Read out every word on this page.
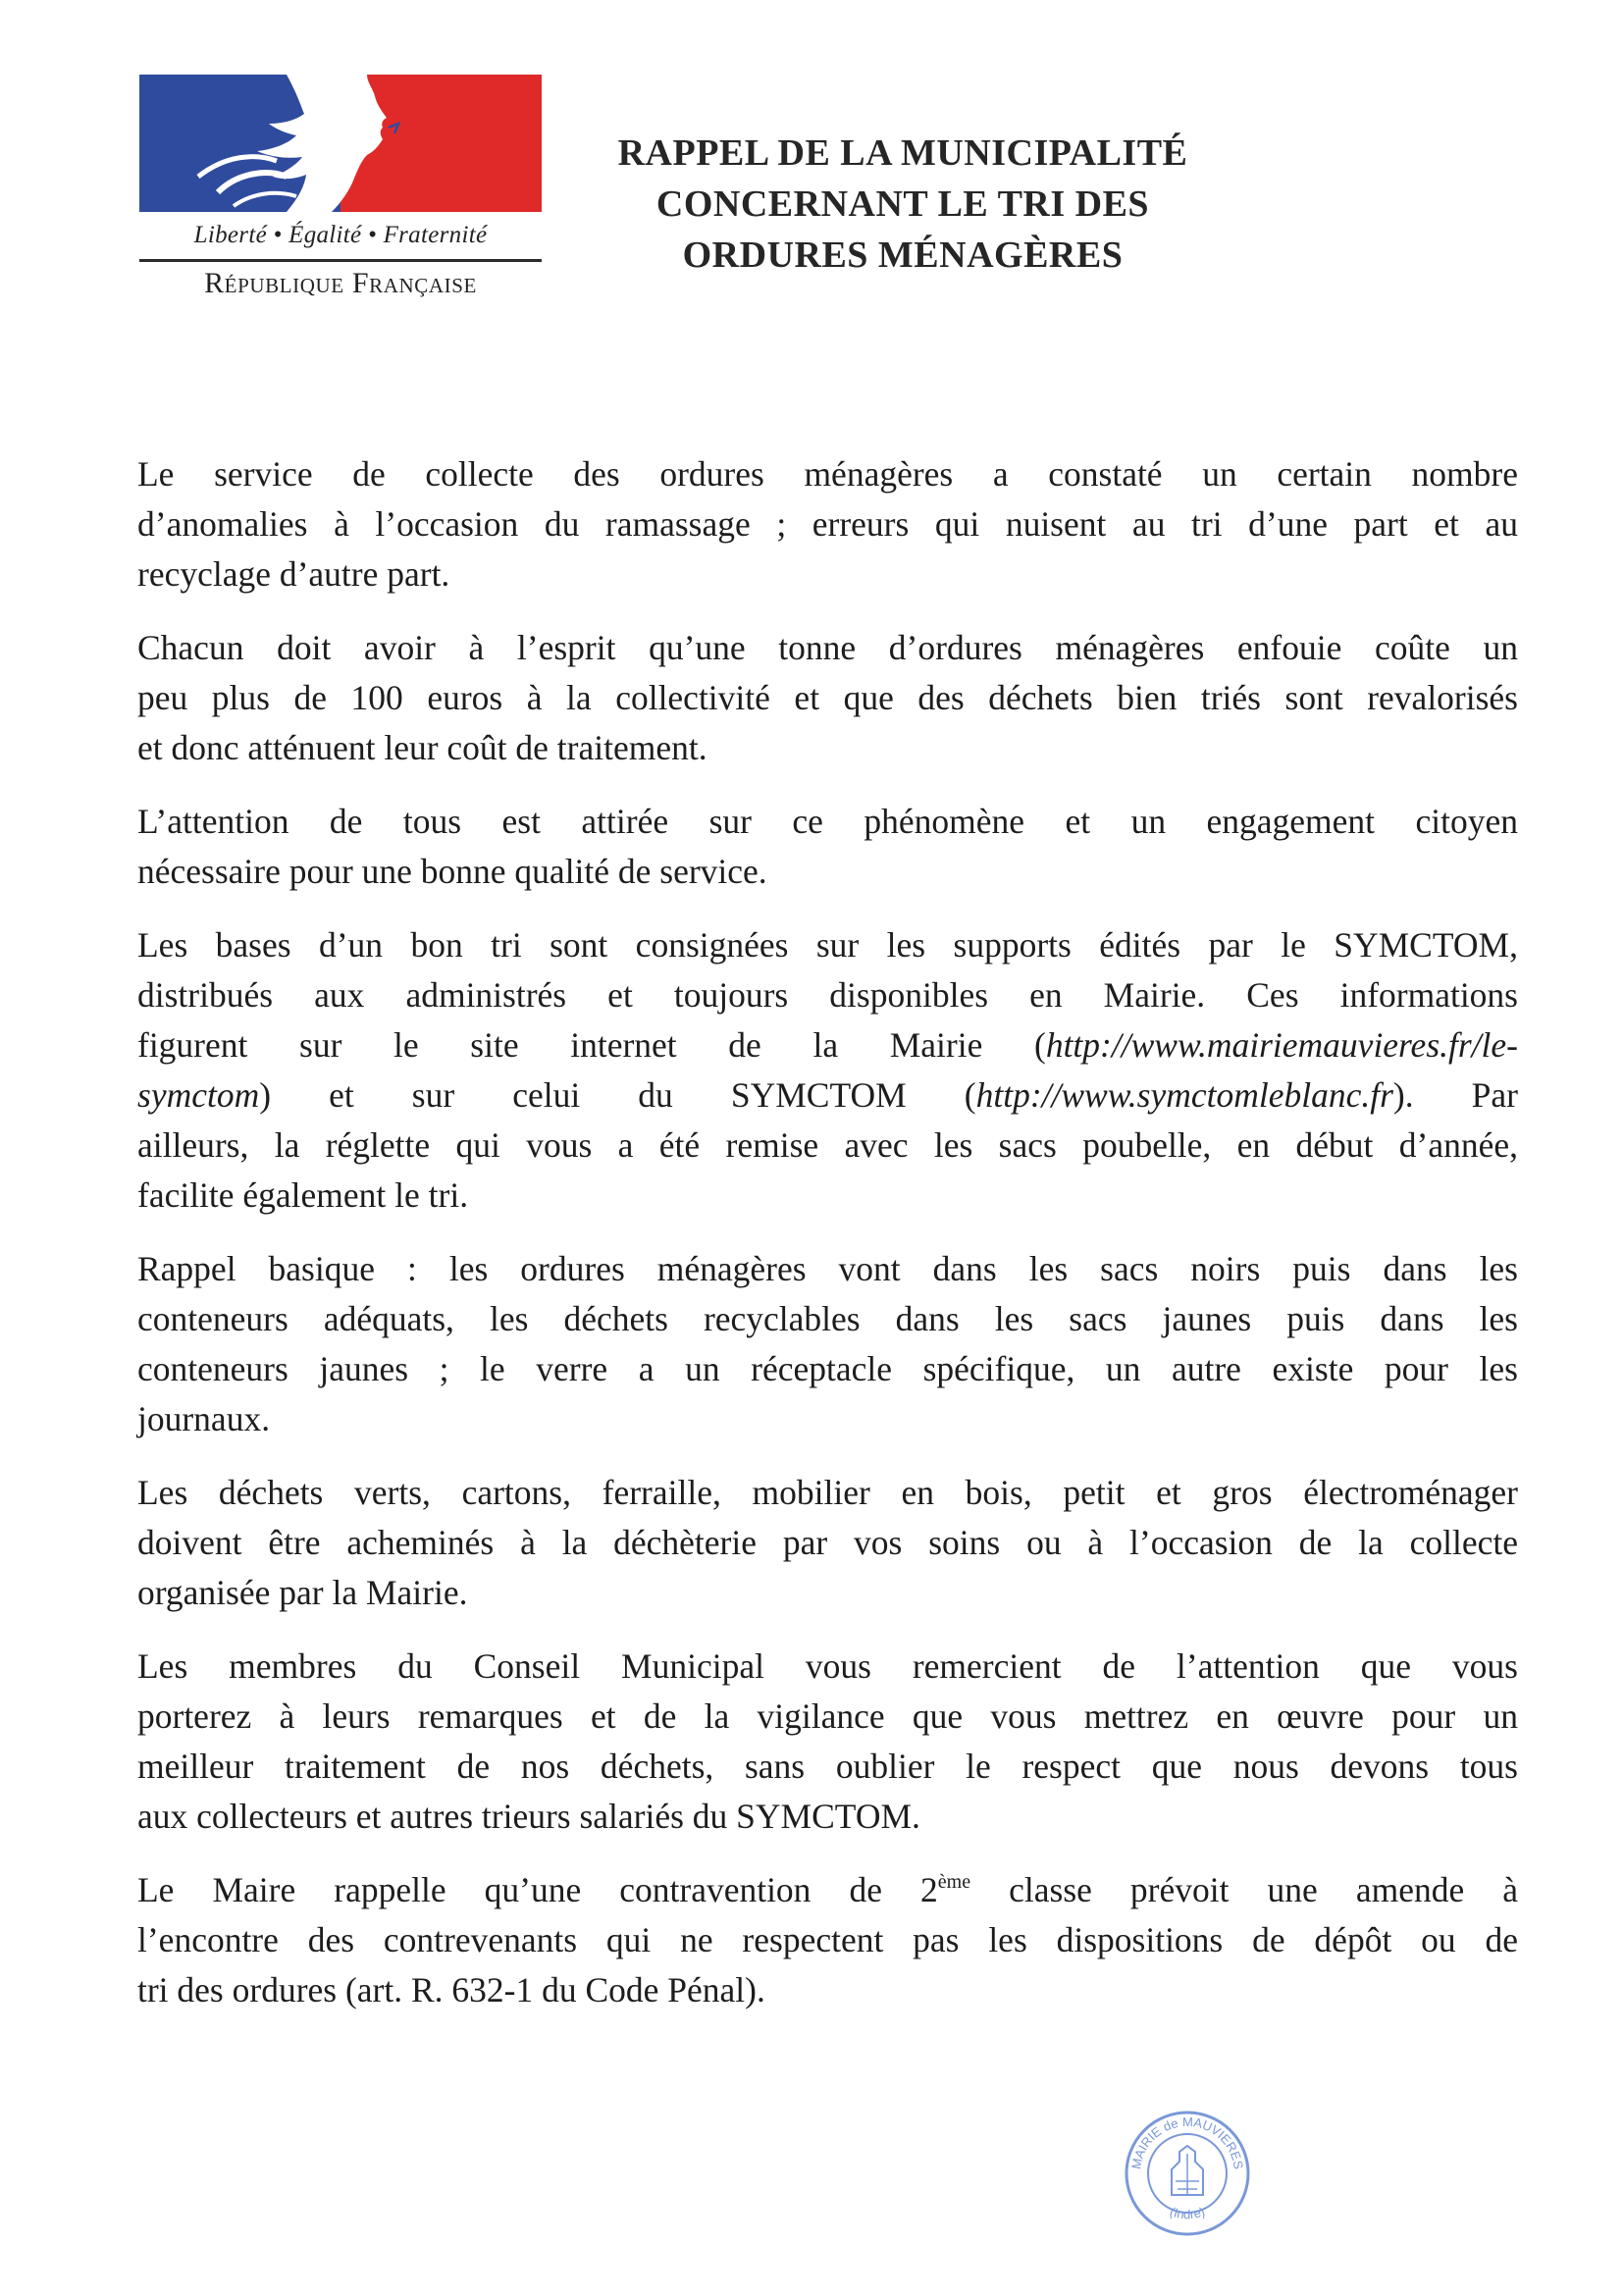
Liberté • Égalité • Fraternité
République Française
RAPPEL DE LA MUNICIPALITÉ
CONCERNANT LE TRI DES
ORDURES MÉNAGÈRES

Le service de collecte des ordures ménagères a constaté un certain nombre
d’anomalies à l’occasion du ramassage ; erreurs qui nuisent au tri d’une part et au
recyclage d’autre part.

Chacun doit avoir à l’esprit qu’une tonne d’ordures ménagères enfouie coûte un
peu plus de 100 euros à la collectivité et que des déchets bien triés sont revalorisés
et donc atténuent leur coût de traitement.

L’attention de tous est attirée sur ce phénomène et un engagement citoyen
nécessaire pour une bonne qualité de service.

Les bases d’un bon tri sont consignées sur les supports édités par le SYMCTOM,
distribués aux administrés et toujours disponibles en Mairie. Ces informations
figurent sur le site internet de la Mairie (http://www.mairiemauvieres.fr/le-
symctom) et sur celui du SYMCTOM (http://www.symctomleblanc.fr). Par
ailleurs, la réglette qui vous a été remise avec les sacs poubelle, en début d’année,
facilite également le tri.

Rappel basique : les ordures ménagères vont dans les sacs noirs puis dans les
conteneurs adéquats, les déchets recyclables dans les sacs jaunes puis dans les
conteneurs jaunes ; le verre a un réceptacle spécifique, un autre existe pour les
journaux.

Les déchets verts, cartons, ferraille, mobilier en bois, petit et gros électroménager
doivent être acheminés à la déchèterie par vos soins ou à l’occasion de la collecte
organisée par la Mairie.

Les membres du Conseil Municipal vous remercient de l’attention que vous
porterez à leurs remarques et de la vigilance que vous mettrez en œuvre pour un
meilleur traitement de nos déchets, sans oublier le respect que nous devons tous
aux collecteurs et autres trieurs salariés du SYMCTOM.

Le Maire rappelle qu’une contravention de 2ème classe prévoit une amende à
l’encontre des contrevenants qui ne respectent pas les dispositions de dépôt ou de
tri des ordures (art. R. 632-1 du Code Pénal).

MAIRIE de MAUVIERES
(Indre)
